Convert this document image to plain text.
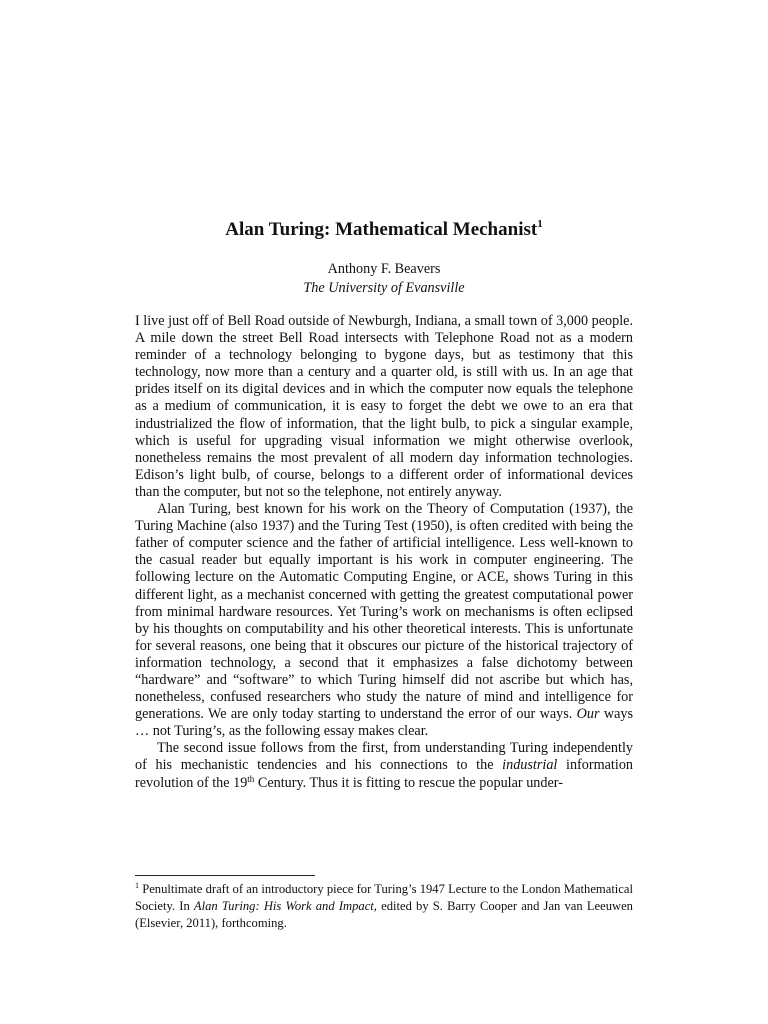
Alan Turing: Mathematical Mechanist$^1$
Anthony F. Beavers
The University of Evansville

I live just off of Bell Road outside of Newburgh, Indiana, a small town of 3,000 people. A mile down the street Bell Road intersects with Telephone Road not as a modern reminder of a technology belonging to bygone days, but as testimony that this technology, now more than a century and a quarter old, is still with us. In an age that prides itself on its digital devices and in which the computer now equals the telephone as a medium of communication, it is easy to forget the debt we owe to an era that industrialized the flow of information, that the light bulb, to pick a singular example, which is useful for upgrading visual information we might otherwise overlook, nonetheless remains the most prevalent of all modern day information technologies. Edison’s light bulb, of course, belongs to a different order of informational devices than the computer, but not so the telephone, not entirely anyway.

Alan Turing, best known for his work on the Theory of Computation (1937), the Turing Machine (also 1937) and the Turing Test (1950), is often credited with being the father of computer science and the father of artificial intelligence. Less well-known to the casual reader but equally important is his work in computer engineering. The following lecture on the Automatic Computing Engine, or ACE, shows Turing in this different light, as a mechanist concerned with getting the greatest computational power from minimal hardware resources. Yet Turing’s work on mechanisms is often eclipsed by his thoughts on computability and his other theoretical interests. This is unfortunate for several reasons, one being that it obscures our picture of the historical trajectory of information technology, a second that it emphasizes a false dichotomy between “hardware” and “software” to which Turing himself did not ascribe but which has, nonetheless, confused researchers who study the nature of mind and intelligence for generations. We are only today starting to understand the error of our ways. Our ways … not Turing’s, as the following essay makes clear.

The second issue follows from the first, from understanding Turing independently of his mechanistic tendencies and his connections to the industrial information revolution of the 19th Century. Thus it is fitting to rescue the popular under-

$^1$ Penultimate draft of an introductory piece for Turing’s 1947 Lecture to the London Mathematical Society. In Alan Turing: His Work and Impact, edited by S. Barry Cooper and Jan van Leeuwen (Elsevier, 2011), forthcoming.
